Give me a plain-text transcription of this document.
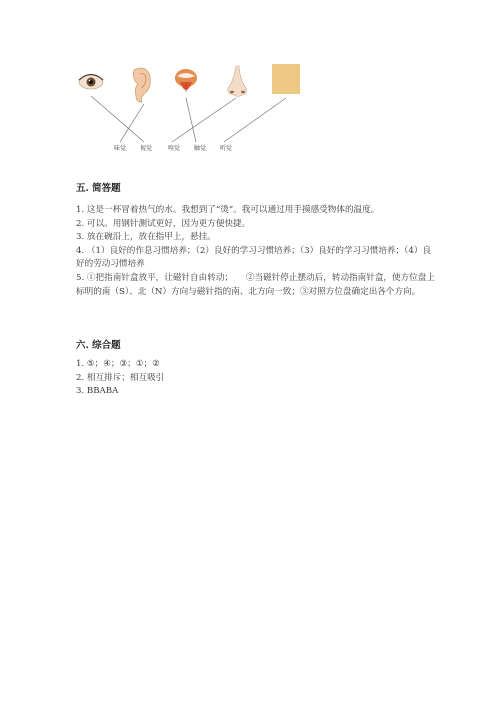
味觉 视觉	嗅觉 触觉 听觉
五. 简答题

1. 这是一杯冒着热气的水。我想到了“烫”。我可以通过用手摸感受物体的温度。

2. 可以。用钢针测试更好，因为更方便快捷。

3. 放在碗沿上，放在指甲上，悬挂。

4. （1）良好的作息习惯培养；（2）良好的学习习惯培养；（3）良好的学习习惯培养；（4）良好的劳动习惯培养

5. ①把指南针盒放平，让磁针自由转动；　　②当磁针停止摆动后，转动指南针盒，使方位盘上标明的南（S）、北（N）方向与磁针指的南、北方向一致；③对照方位盘确定出各个方向。

六. 综合题

1. ⑤；④；③；①；②

2. 相互排斥；相互吸引

3. BBABA
